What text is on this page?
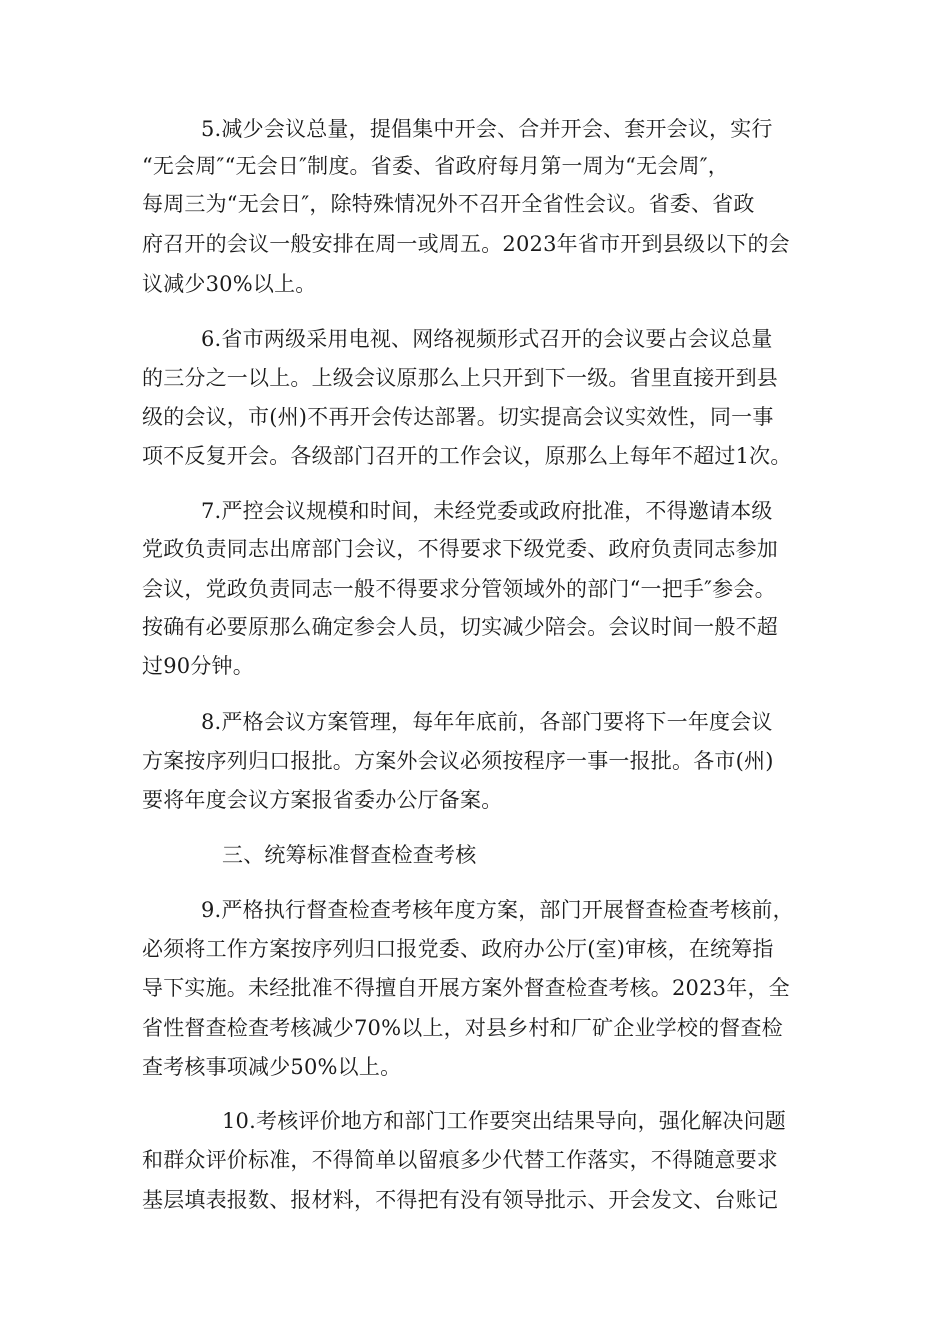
5.减少会议总量，提倡集中开会、合并开会、套开会议，实行
“无会周″“无会日″制度。省委、省政府每月第一周为“无会周″，
每周三为“无会日″，除特殊情况外不召开全省性会议。省委、省政
府召开的会议一般安排在周一或周五。2023年省市开到县级以下的会
议减少30%以上。
6.省市两级采用电视、网络视频形式召开的会议要占会议总量
的三分之一以上。上级会议原那么上只开到下一级。省里直接开到县
级的会议，市(州)不再开会传达部署。切实提高会议实效性，同一事
项不反复开会。各级部门召开的工作会议，原那么上每年不超过1次。
7.严控会议规模和时间，未经党委或政府批准，不得邀请本级
党政负责同志出席部门会议，不得要求下级党委、政府负责同志参加
会议，党政负责同志一般不得要求分管领域外的部门“一把手″参会。
按确有必要原那么确定参会人员，切实减少陪会。会议时间一般不超
过90分钟。
8.严格会议方案管理，每年年底前，各部门要将下一年度会议
方案按序列归口报批。方案外会议必须按程序一事一报批。各市(州)
要将年度会议方案报省委办公厅备案。
三、统筹标准督查检查考核
9.严格执行督查检查考核年度方案，部门开展督查检查考核前，
必须将工作方案按序列归口报党委、政府办公厅(室)审核，在统筹指
导下实施。未经批准不得擅自开展方案外督查检查考核。2023年，全
省性督查检查考核减少70%以上，对县乡村和厂矿企业学校的督查检
查考核事项减少50%以上。
10.考核评价地方和部门工作要突出结果导向，强化解决问题
和群众评价标准，不得简单以留痕多少代替工作落实，不得随意要求
基层填表报数、报材料，不得把有没有领导批示、开会发文、台账记
